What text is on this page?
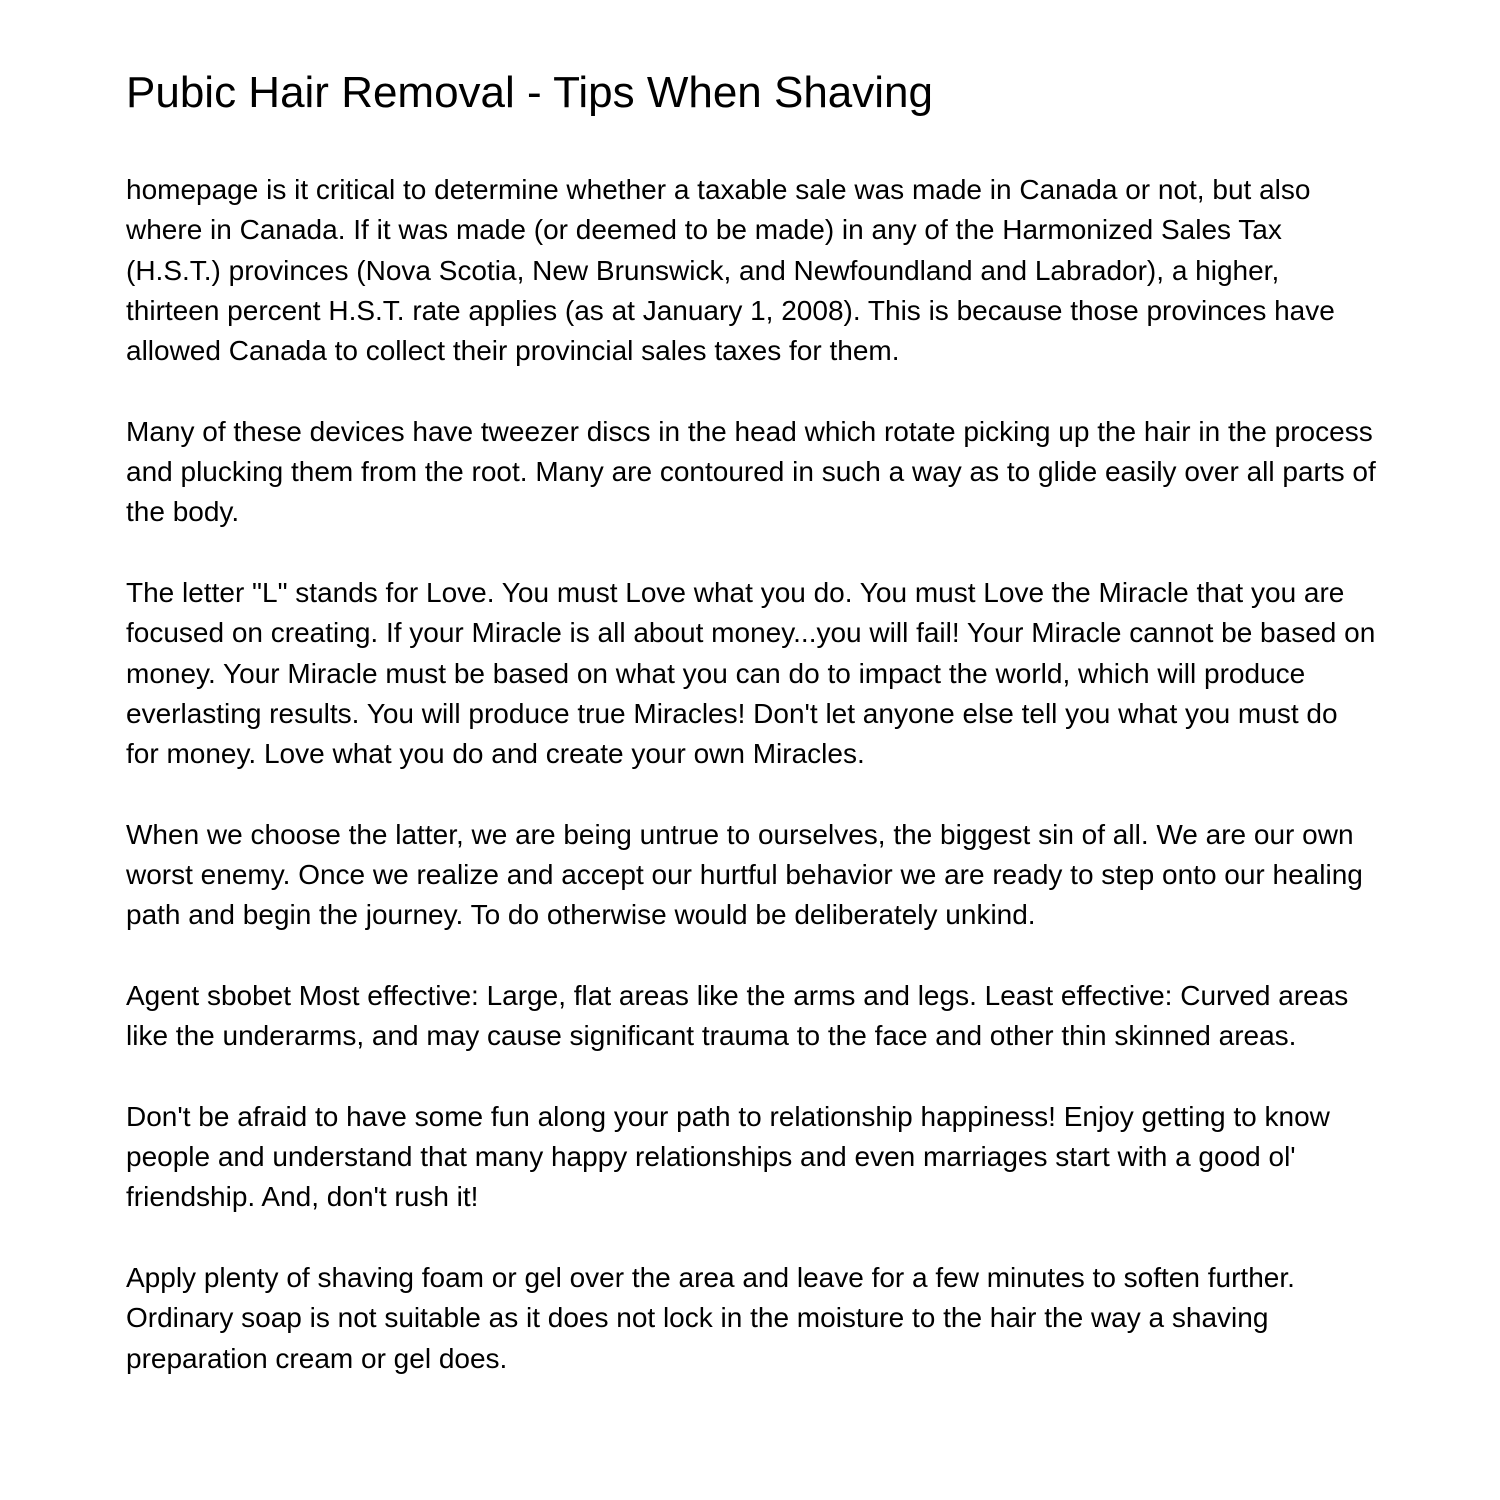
Pubic Hair Removal - Tips When Shaving

homepage is it critical to determine whether a taxable sale was made in Canada or not, but also where in Canada. If it was made (or deemed to be made) in any of the Harmonized Sales Tax (H.S.T.) provinces (Nova Scotia, New Brunswick, and Newfoundland and Labrador), a higher, thirteen percent H.S.T. rate applies (as at January 1, 2008). This is because those provinces have allowed Canada to collect their provincial sales taxes for them.

Many of these devices have tweezer discs in the head which rotate picking up the hair in the process and plucking them from the root. Many are contoured in such a way as to glide easily over all parts of the body.

The letter "L" stands for Love. You must Love what you do. You must Love the Miracle that you are focused on creating. If your Miracle is all about money...you will fail! Your Miracle cannot be based on money. Your Miracle must be based on what you can do to impact the world, which will produce everlasting results. You will produce true Miracles! Don't let anyone else tell you what you must do for money. Love what you do and create your own Miracles.

When we choose the latter, we are being untrue to ourselves, the biggest sin of all. We are our own worst enemy. Once we realize and accept our hurtful behavior we are ready to step onto our healing path and begin the journey. To do otherwise would be deliberately unkind.

Agent sbobet Most effective: Large, flat areas like the arms and legs. Least effective: Curved areas like the underarms, and may cause significant trauma to the face and other thin skinned areas.

Don't be afraid to have some fun along your path to relationship happiness! Enjoy getting to know people and understand that many happy relationships and even marriages start with a good ol' friendship. And, don't rush it!

Apply plenty of shaving foam or gel over the area and leave for a few minutes to soften further. Ordinary soap is not suitable as it does not lock in the moisture to the hair the way a shaving preparation cream or gel does.
